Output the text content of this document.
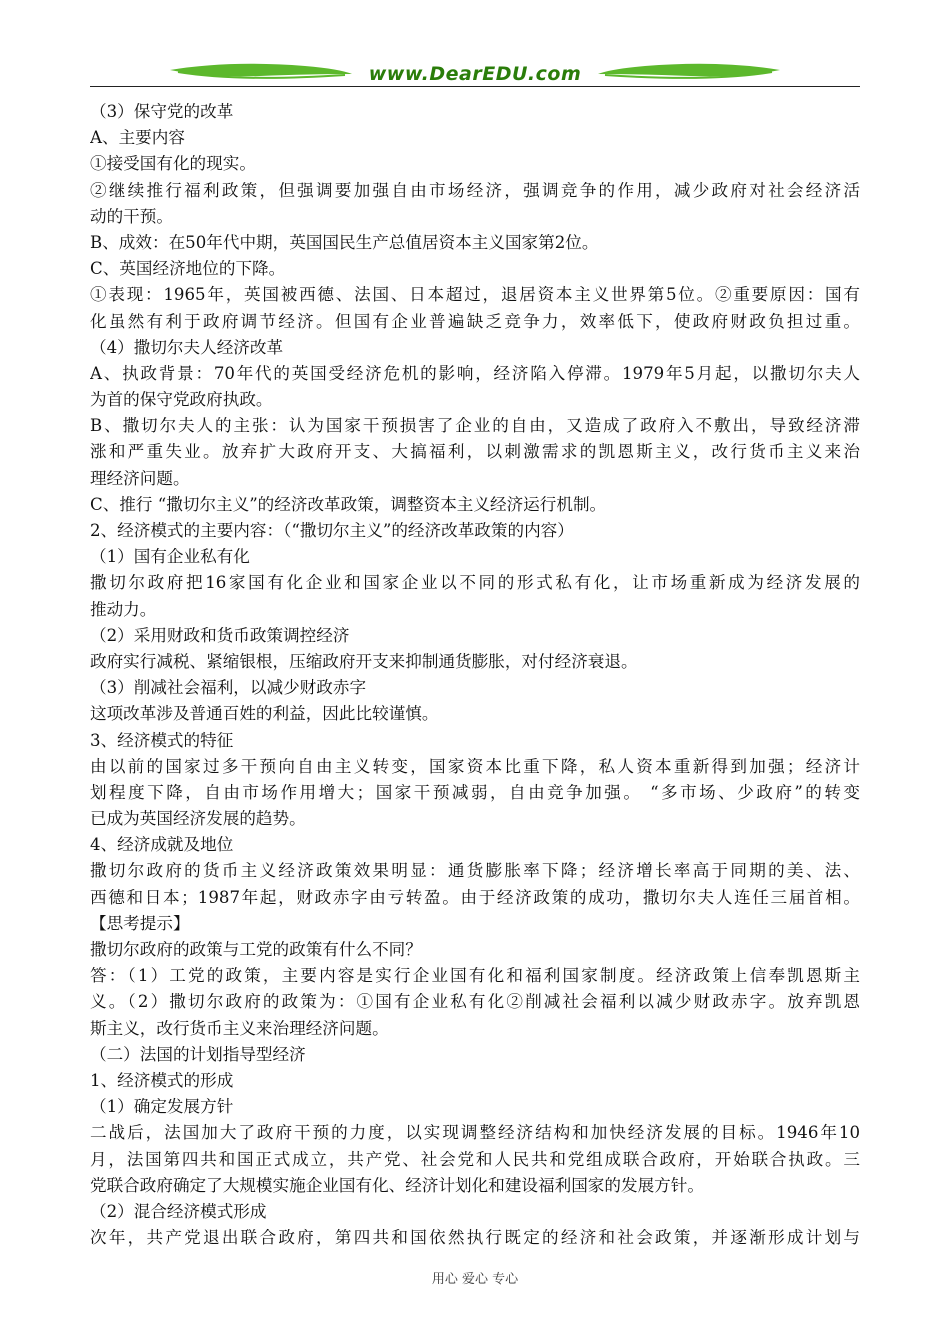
www.DearEDU.com
（3）保守党的改革
A、主要内容
①接受国有化的现实。
②继续推行福利政策，但强调要加强自由市场经济，强调竞争的作用，减少政府对社会经济活
动的干预。
B、成效：在50年代中期，英国国民生产总值居资本主义国家第2位。
C、英国经济地位的下降。
①表现：1965年，英国被西德、法国、日本超过，退居资本主义世界第5位。②重要原因：国有
化虽然有利于政府调节经济。但国有企业普遍缺乏竞争力，效率低下，使政府财政负担过重。
（4）撒切尔夫人经济改革
A、执政背景：70年代的英国受经济危机的影响，经济陷入停滞。1979年5月起，以撒切尔夫人
为首的保守党政府执政。
B、撒切尔夫人的主张：认为国家干预损害了企业的自由，又造成了政府入不敷出，导致经济滞
涨和严重失业。放弃扩大政府开支、大搞福利，以刺激需求的凯恩斯主义，改行货币主义来治
理经济问题。
C、推行 “撒切尔主义”的经济改革政策，调整资本主义经济运行机制。
2、经济模式的主要内容：（“撒切尔主义”的经济改革政策的内容）
（1）国有企业私有化
撒切尔政府把16家国有化企业和国家企业以不同的形式私有化，让市场重新成为经济发展的
推动力。
（2）采用财政和货币政策调控经济
政府实行减税、紧缩银根，压缩政府开支来抑制通货膨胀，对付经济衰退。
（3）削减社会福利，以减少财政赤字
这项改革涉及普通百姓的利益，因此比较谨慎。
3、经济模式的特征
由以前的国家过多干预向自由主义转变，国家资本比重下降，私人资本重新得到加强；经济计
划程度下降，自由市场作用增大；国家干预减弱，自由竞争加强。 “多市场、少政府”的转变
已成为英国经济发展的趋势。
4、经济成就及地位
撒切尔政府的货币主义经济政策效果明显：通货膨胀率下降；经济增长率高于同期的美、法、
西德和日本；1987年起，财政赤字由亏转盈。由于经济政策的成功，撒切尔夫人连任三届首相。
【思考提示】
撒切尔政府的政策与工党的政策有什么不同？
答：（1）工党的政策，主要内容是实行企业国有化和福利国家制度。经济政策上信奉凯恩斯主
义。（2）撒切尔政府的政策为：①国有企业私有化②削减社会福利以减少财政赤字。放弃凯恩
斯主义，改行货币主义来治理经济问题。
（二）法国的计划指导型经济
1、经济模式的形成
（1）确定发展方针
二战后，法国加大了政府干预的力度，以实现调整经济结构和加快经济发展的目标。1946年10
月，法国第四共和国正式成立，共产党、社会党和人民共和党组成联合政府，开始联合执政。三
党联合政府确定了大规模实施企业国有化、经济计划化和建设福利国家的发展方针。
（2）混合经济模式形成
次年，共产党退出联合政府，第四共和国依然执行既定的经济和社会政策，并逐渐形成计划与
用心 爱心 专心
